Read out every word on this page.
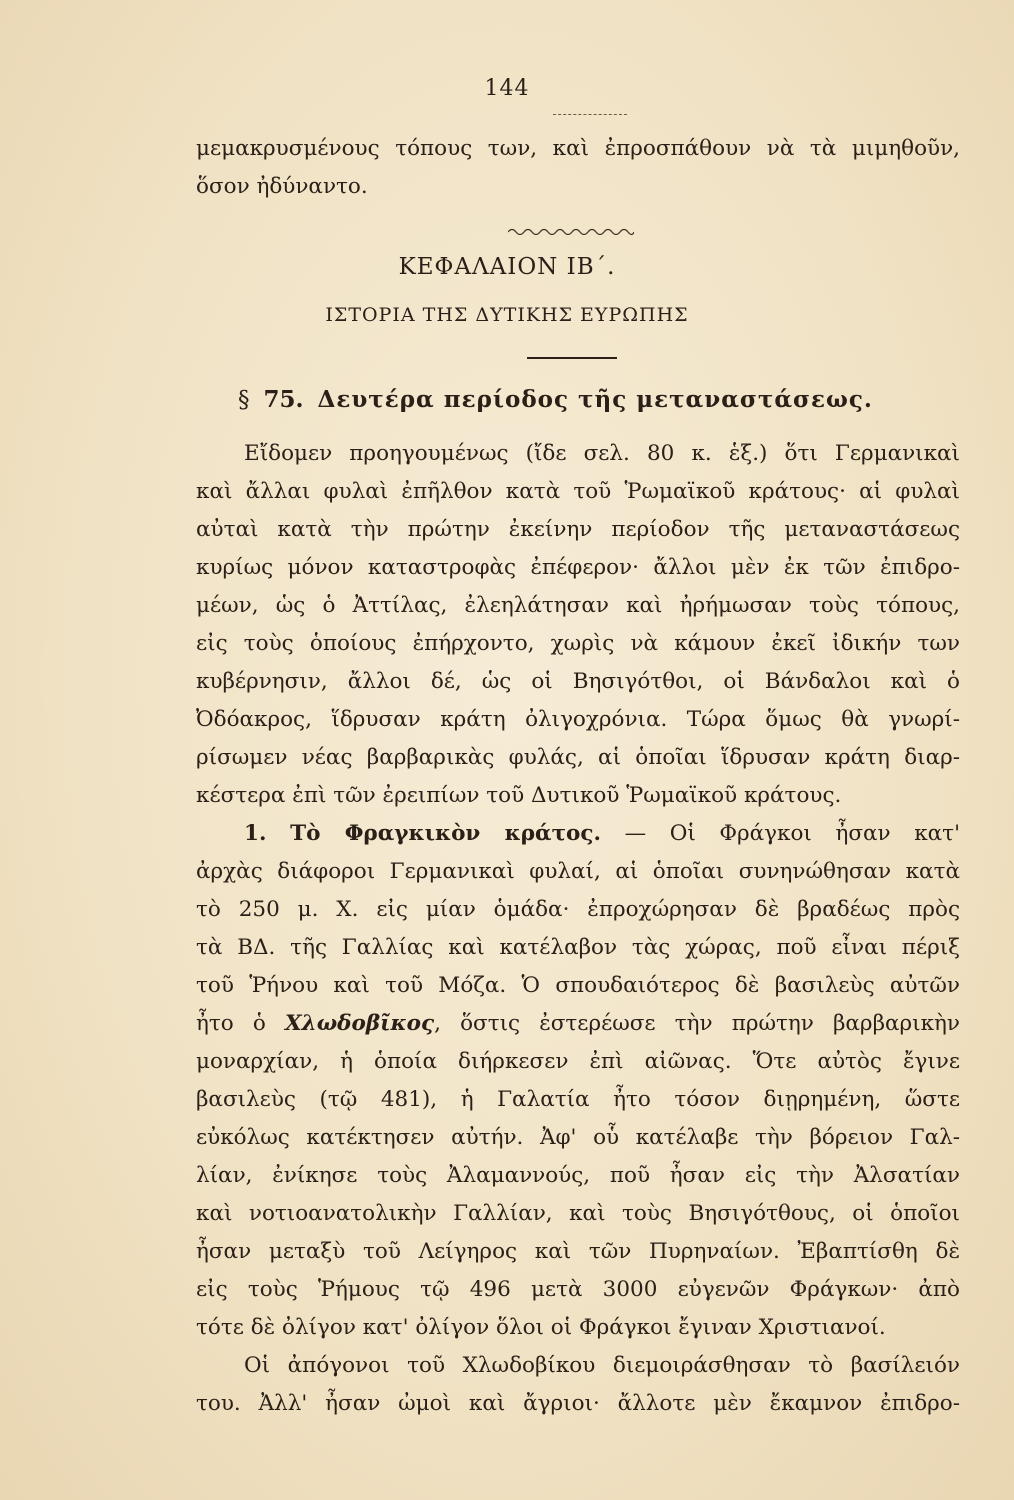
144
μεμακρυσμένους τόπους των, καὶ ἐπροσπάθουν νὰ τὰ μιμηθοῦν,
ὅσον ἠδύναντο.
ΚΕΦΑΛΑΙΟΝ ΙΒ΄.
ΙΣΤΟΡΙΑ ΤΗΣ ΔΥΤΙΚΗΣ ΕΥΡΩΠΗΣ
§ 75. Δευτέρα περίοδος τῆς μεταναστάσεως.
Εἴδομεν προηγουμένως (ἴδε σελ. 80 κ. ἑξ.) ὅτι Γερμανικαὶ
καὶ ἄλλαι φυλαὶ ἐπῆλθον κατὰ τοῦ Ῥωμαϊκοῦ κράτους· αἱ φυλαὶ
αὐταὶ κατὰ τὴν πρώτην ἐκείνην περίοδον τῆς μεταναστάσεως
κυρίως μόνον καταστροφὰς ἐπέφερον· ἄλλοι μὲν ἐκ τῶν ἐπιδρο-
μέων, ὡς ὁ Ἀττίλας, ἐλεηλάτησαν καὶ ἠρήμωσαν τοὺς τόπους,
εἰς τοὺς ὁποίους ἐπήρχοντο, χωρὶς νὰ κάμουν ἐκεῖ ἰδικήν των
κυβέρνησιν, ἄλλοι δέ, ὡς οἱ Βησιγότθοι, οἱ Βάνδαλοι καὶ ὁ
Ὀδόακρος, ἵδρυσαν κράτη ὀλιγοχρόνια. Τώρα ὅμως θὰ γνωρί-
ρίσωμεν νέας βαρβαρικὰς φυλάς, αἱ ὁποῖαι ἵδρυσαν κράτη διαρ-
κέστερα ἐπὶ τῶν ἐρειπίων τοῦ Δυτικοῦ Ῥωμαϊκοῦ κράτους.
1. Τὸ Φραγκικὸν κράτος. — Οἱ Φράγκοι ἦσαν κατ'
ἀρχὰς διάφοροι Γερμανικαὶ φυλαί, αἱ ὁποῖαι συνηνώθησαν κατὰ
τὸ 250 μ. Χ. εἰς μίαν ὁμάδα· ἐπροχώρησαν δὲ βραδέως πρὸς
τὰ ΒΔ. τῆς Γαλλίας καὶ κατέλαβον τὰς χώρας, ποῦ εἶναι πέριξ
τοῦ Ῥήνου καὶ τοῦ Μόζα. Ὁ σπουδαιότερος δὲ βασιλεὺς αὐτῶν
ἦτο ὁ Χλωδοβῖκος, ὅστις ἐστερέωσε τὴν πρώτην βαρβαρικὴν
μοναρχίαν, ἡ ὁποία διήρκεσεν ἐπὶ αἰῶνας. Ὅτε αὐτὸς ἔγινε
βασιλεὺς (τῷ 481), ἡ Γαλατία ἦτο τόσον διῃρημένη, ὥστε
εὐκόλως κατέκτησεν αὐτήν. Ἀφ' οὗ κατέλαβε τὴν βόρειον Γαλ-
λίαν, ἐνίκησε τοὺς Ἀλαμαννούς, ποῦ ἦσαν εἰς τὴν Ἀλσατίαν
καὶ νοτιοανατολικὴν Γαλλίαν, καὶ τοὺς Βησιγότθους, οἱ ὁποῖοι
ἦσαν μεταξὺ τοῦ Λείγηρος καὶ τῶν Πυρηναίων. Ἐβαπτίσθη δὲ
εἰς τοὺς Ῥήμους τῷ 496 μετὰ 3000 εὐγενῶν Φράγκων· ἀπὸ
τότε δὲ ὀλίγον κατ' ὀλίγον ὅλοι οἱ Φράγκοι ἔγιναν Χριστιανοί.
Οἱ ἀπόγονοι τοῦ Χλωδοβίκου διεμοιράσθησαν τὸ βασίλειόν
του. Ἀλλ' ἦσαν ὠμοὶ καὶ ἄγριοι· ἄλλοτε μὲν ἔκαμνον ἐπιδρο-
